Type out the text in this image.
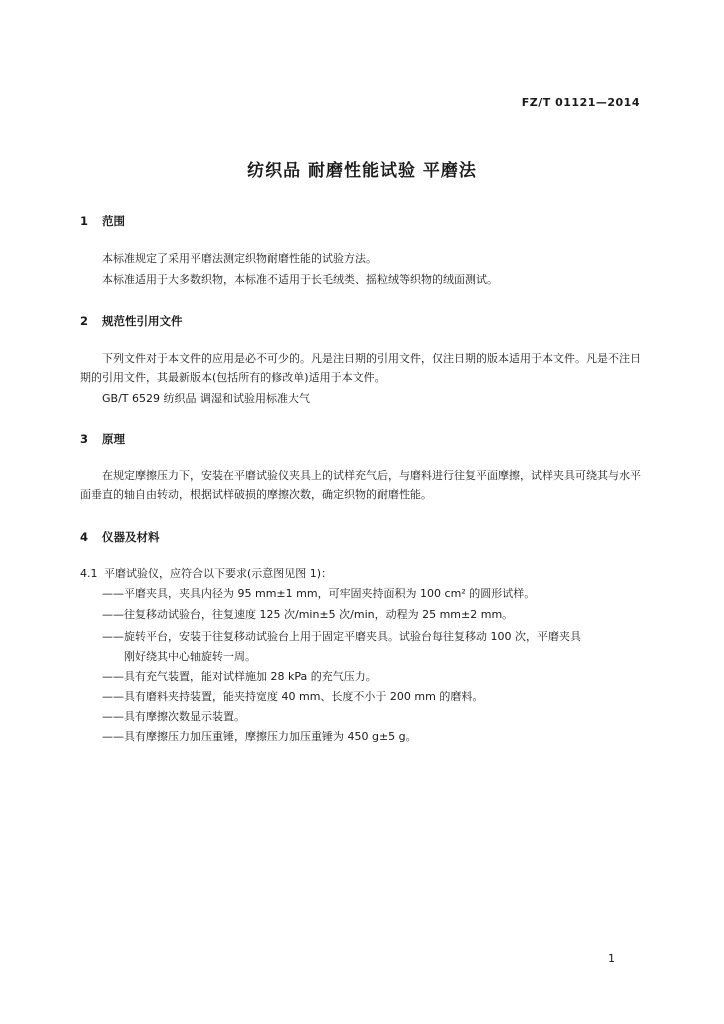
FZ/T 01121—2014
纺织品 耐磨性能试验 平磨法
1 范围
本标准规定了采用平磨法测定织物耐磨性能的试验方法。
本标准适用于大多数织物，本标准不适用于长毛绒类、摇粒绒等织物的绒面测试。
2 规范性引用文件
下列文件对于本文件的应用是必不可少的。凡是注日期的引用文件，仅注日期的版本适用于本文件。凡是不注日期的引用文件，其最新版本(包括所有的修改单)适用于本文件。
GB/T 6529 纺织品 调湿和试验用标准大气
3 原理
在规定摩擦压力下，安装在平磨试验仪夹具上的试样充气后，与磨料进行往复平面摩擦，试样夹具可绕其与水平面垂直的轴自由转动，根据试样破损的摩擦次数，确定织物的耐磨性能。
4 仪器及材料
4.1 平磨试验仪，应符合以下要求(示意图见图 1)：
——平磨夹具，夹具内径为 95 mm±1 mm，可牢固夹持面积为 100 cm² 的圆形试样。
——往复移动试验台，往复速度 125 次/min±5 次/min，动程为 25 mm±2 mm。
——旋转平台，安装于往复移动试验台上用于固定平磨夹具。试验台每往复移动 100 次，平磨夹具
刚好绕其中心轴旋转一周。
——具有充气装置，能对试样施加 28 kPa 的充气压力。
——具有磨料夹持装置，能夹持宽度 40 mm、长度不小于 200 mm 的磨料。
——具有摩擦次数显示装置。
——具有摩擦压力加压重锤，摩擦压力加压重锤为 450 g±5 g。
1
